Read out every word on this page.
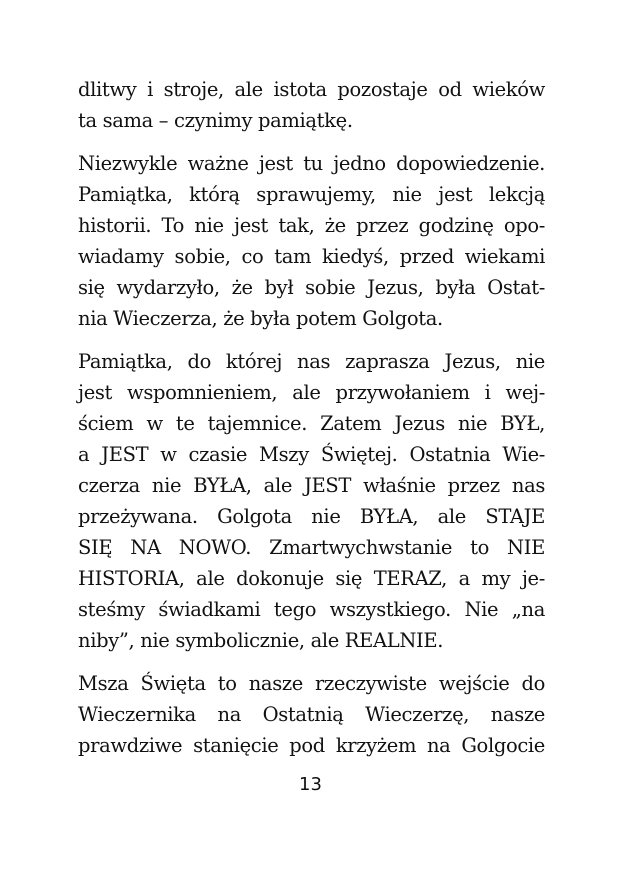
dlitwy i stroje, ale istota pozostaje od wieków
ta sama – czynimy pamiątkę.

Niezwykle ważne jest tu jedno dopowiedzenie.
Pamiątka, którą sprawujemy, nie jest lekcją
historii. To nie jest tak, że przez godzinę opo-
wiadamy sobie, co tam kiedyś, przed wiekami
się wydarzyło, że był sobie Jezus, była Ostat-
nia Wieczerza, że była potem Golgota.

Pamiątka, do której nas zaprasza Jezus, nie
jest wspomnieniem, ale przywołaniem i wej-
ściem w te tajemnice. Zatem Jezus nie BYŁ,
a JEST w czasie Mszy Świętej. Ostatnia Wie-
czerza nie BYŁA, ale JEST właśnie przez nas
przeżywana. Golgota nie BYŁA, ale STAJE
SIĘ NA NOWO. Zmartwychwstanie to NIE
HISTORIA, ale dokonuje się TERAZ, a my je-
steśmy świadkami tego wszystkiego. Nie „na
niby”, nie symbolicznie, ale REALNIE.

Msza Święta to nasze rzeczywiste wejście do
Wieczernika na Ostatnią Wieczerzę, nasze
prawdziwe stanięcie pod krzyżem na Golgocie

13
